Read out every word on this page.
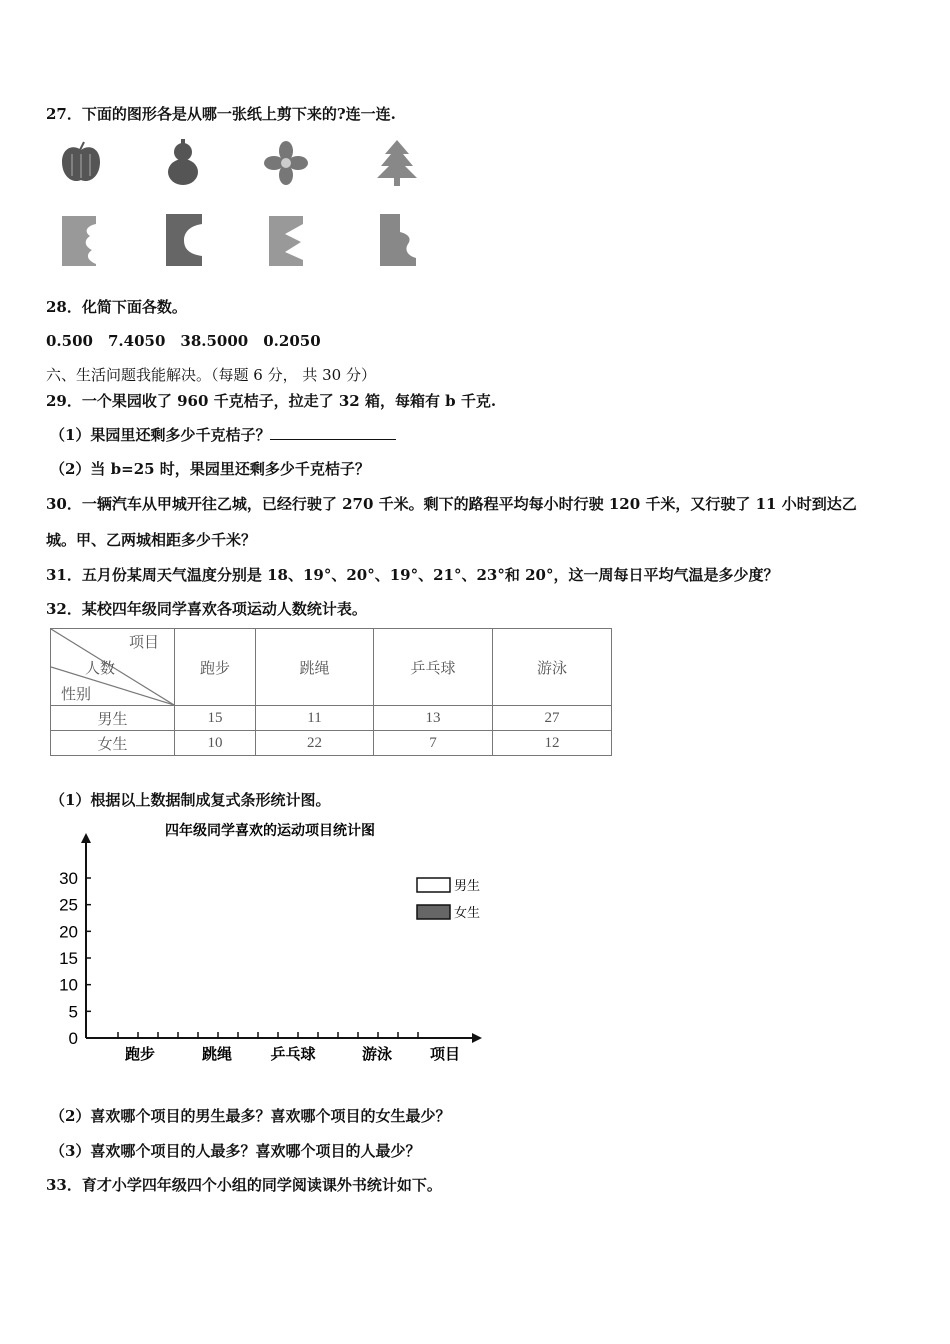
27．下面的图形各是从哪一张纸上剪下来的?连一连.
28．化简下面各数。
0.500　7.4050　38.5000　0.2050
六、生活问题我能解决。（每题 6 分， 共 30 分）
29．一个果园收了 960 千克桔子，拉走了 32 箱，每箱有 b 千克.
（1）果园里还剩多少千克桔子？
（2）当 b=25 时，果园里还剩多少千克桔子？
30．一辆汽车从甲城开往乙城，已经行驶了 270 千米。剩下的路程平均每小时行驶 120 千米，又行驶了 11 小时到达乙
城。甲、乙两城相距多少千米？
31．五月份某周天气温度分别是 18、19°、20°、19°、21°、23°和 20°，这一周每日平均气温是多少度？
32．某校四年级同学喜欢各项运动人数统计表。
项目
人数
性别	跑步	跳绳	乒乓球	游泳
男生	15	11	13	27
女生	10	22	7	12
（1）根据以上数据制成复式条形统计图。
四年级同学喜欢的运动项目统计图
0
5
10
15
20
25
30
跑步	跳绳	乒乓球	游泳	项目
男生
女生
（2）喜欢哪个项目的男生最多？喜欢哪个项目的女生最少？
（3）喜欢哪个项目的人最多？喜欢哪个项目的人最少？
33．育才小学四年级四个小组的同学阅读课外书统计如下。
